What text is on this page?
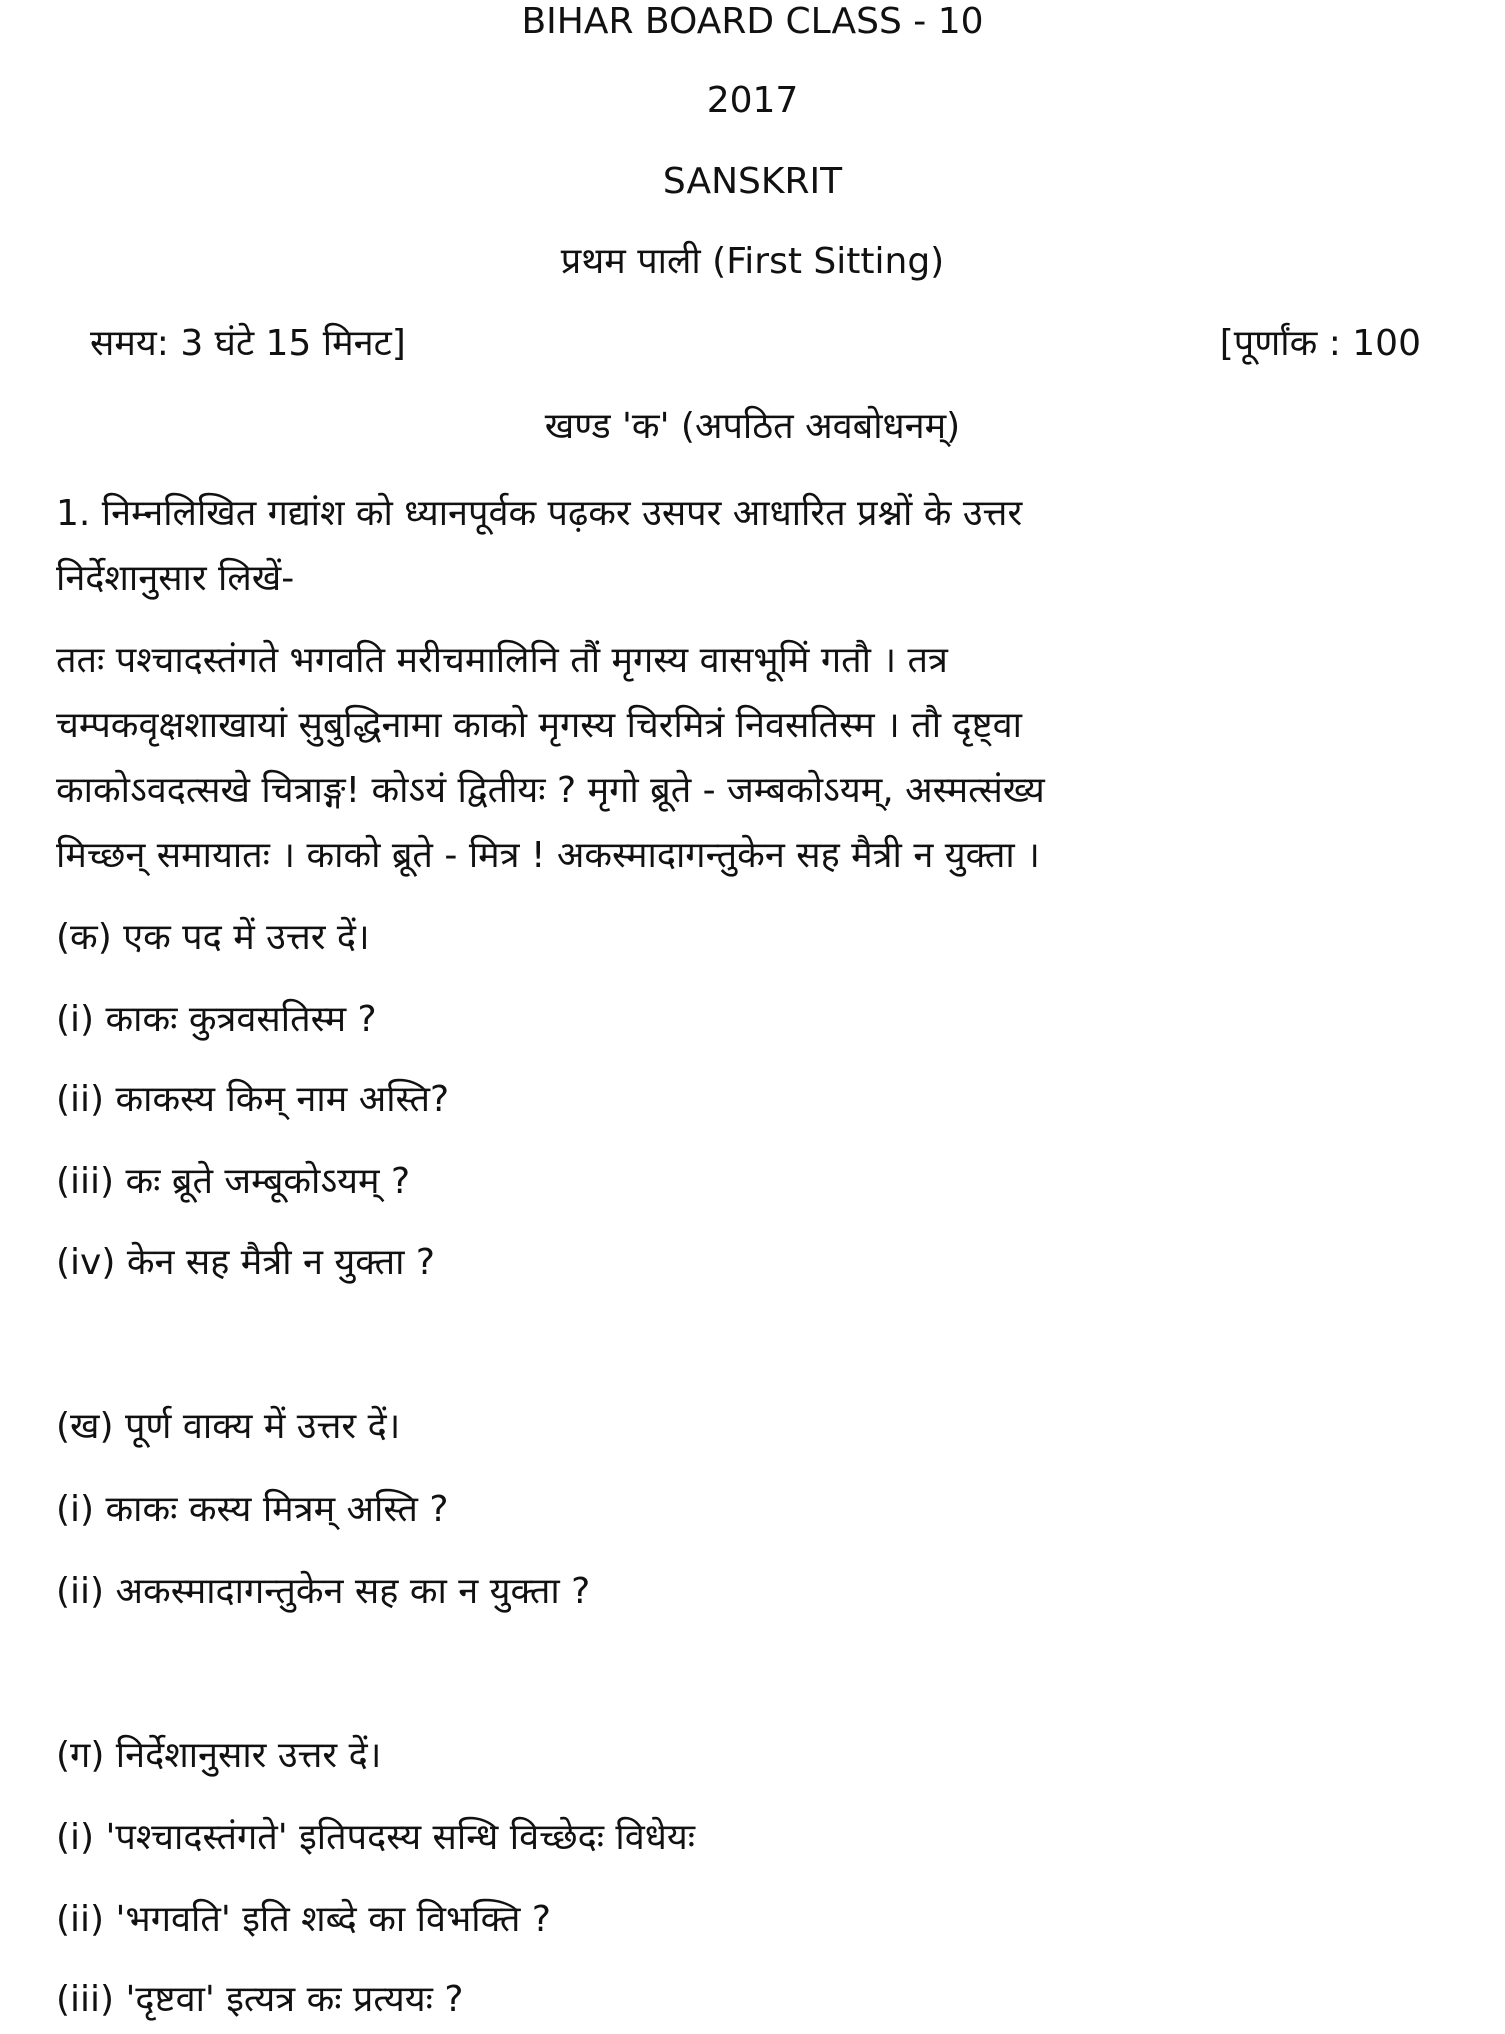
BIHAR BOARD CLASS - 10
2017
SANSKRIT
प्रथम पाली (First Sitting)
समय: 3 घंटे 15 मिनट]	[पूर्णांक : 100
खण्ड 'क' (अपठित अवबोधनम्)
1. निम्नलिखित गद्यांश को ध्यानपूर्वक पढ़कर उसपर आधारित प्रश्नों के उत्तर
निर्देशानुसार लिखें-
ततः पश्चादस्तंगते भगवति मरीचमालिनि तौं मृगस्य वासभूमिं गतौ । तत्र
चम्पकवृक्षशाखायां सुबुद्धिनामा काको मृगस्य चिरमित्रं निवसतिस्म । तौ दृष्ट्वा
काकोऽवदत्सखे चित्राङ्ग! कोऽयं द्वितीयः ? मृगो ब्रूते - जम्बकोऽयम्, अस्मत्संख्य
मिच्छन् समायातः । काको ब्रूते - मित्र ! अकस्मादागन्तुकेन सह मैत्री न युक्ता ।
(क) एक पद में उत्तर दें।
(i) काकः कुत्रवसतिस्म ?
(ii) काकस्य किम् नाम अस्ति?
(iii) कः ब्रूते जम्बूकोऽयम् ?
(iv) केन सह मैत्री न युक्ता ?
(ख) पूर्ण वाक्य में उत्तर दें।
(i) काकः कस्य मित्रम् अस्ति ?
(ii) अकस्मादागन्तुकेन सह का न युक्ता ?
(ग) निर्देशानुसार उत्तर दें।
(i) 'पश्चादस्तंगते' इतिपदस्य सन्धि विच्छेदः विधेयः
(ii) 'भगवति' इति शब्दे का विभक्ति ?
(iii) 'दृष्टवा' इत्यत्र कः प्रत्ययः ?
